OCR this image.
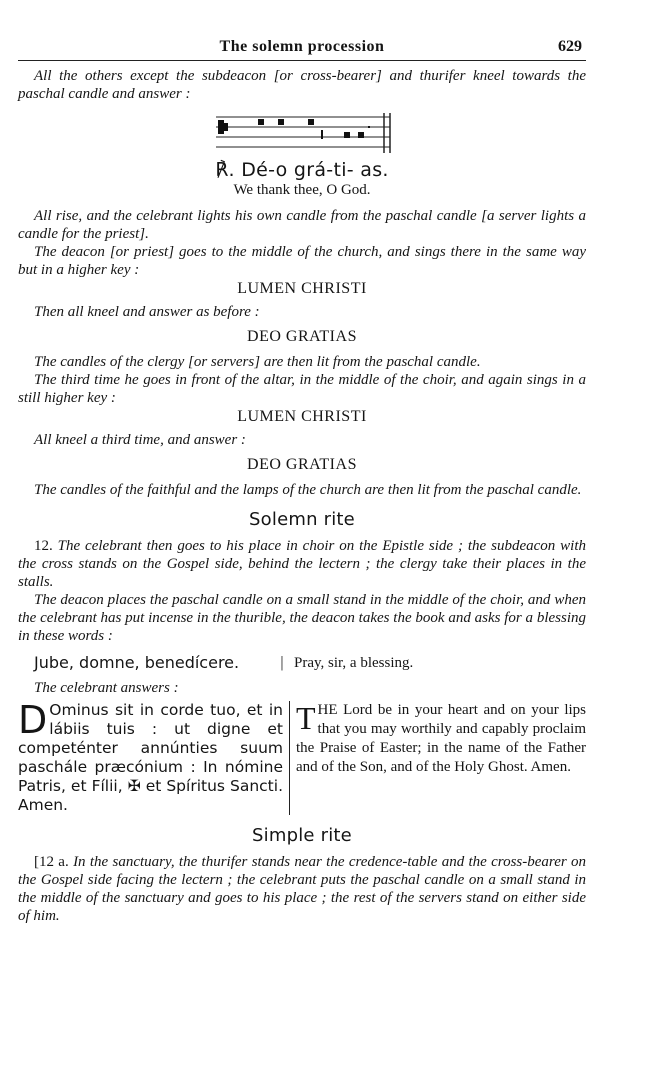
The solemn procession	629

All the others except the subdeacon [or cross-bearer] and thurifer kneel towards the paschal candle and answer :

℟. Dé-o grá-ti- as.

We thank thee, O God.

All rise, and the celebrant lights his own candle from the paschal candle [a server lights a candle for the priest].

The deacon [or priest] goes to the middle of the church, and sings there in the same way but in a higher key :

LUMEN CHRISTI

Then all kneel and answer as before :

DEO GRATIAS

The candles of the clergy [or servers] are then lit from the paschal candle.

The third time he goes in front of the altar, in the middle of the choir, and again sings in a still higher key :

LUMEN CHRISTI

All kneel a third time, and answer :

DEO GRATIAS

The candles of the faithful and the lamps of the church are then lit from the paschal candle.

Solemn rite

12. The celebrant then goes to his place in choir on the Epistle side ; the subdeacon with the cross stands on the Gospel side, behind the lectern ; the clergy take their places in the stalls.

The deacon places the paschal candle on a small stand in the middle of the choir, and when the celebrant has put incense in the thurible, the deacon takes the book and asks for a blessing in these words :

Jube, domne, benedícere.	| Pray, sir, a blessing.

The celebrant answers :

D Ominus sit in corde tuo, et in lábiis tuis : ut digne et competénter annúnties suum paschále præcónium : In nómine Patris, et Fílii, ✠ et Spíritus Sancti. Amen.
THE Lord be in your heart and on your lips that you may worthily and capably proclaim the Praise of Easter; in the name of the Father and of the Son, and of the Holy Ghost. Amen.

Simple rite

[12 a. In the sanctuary, the thurifer stands near the credence-table and the cross-bearer on the Gospel side facing the lectern ; the celebrant puts the paschal candle on a small stand in the middle of the sanctuary and goes to his place ; the rest of the servers stand on either side of him.
